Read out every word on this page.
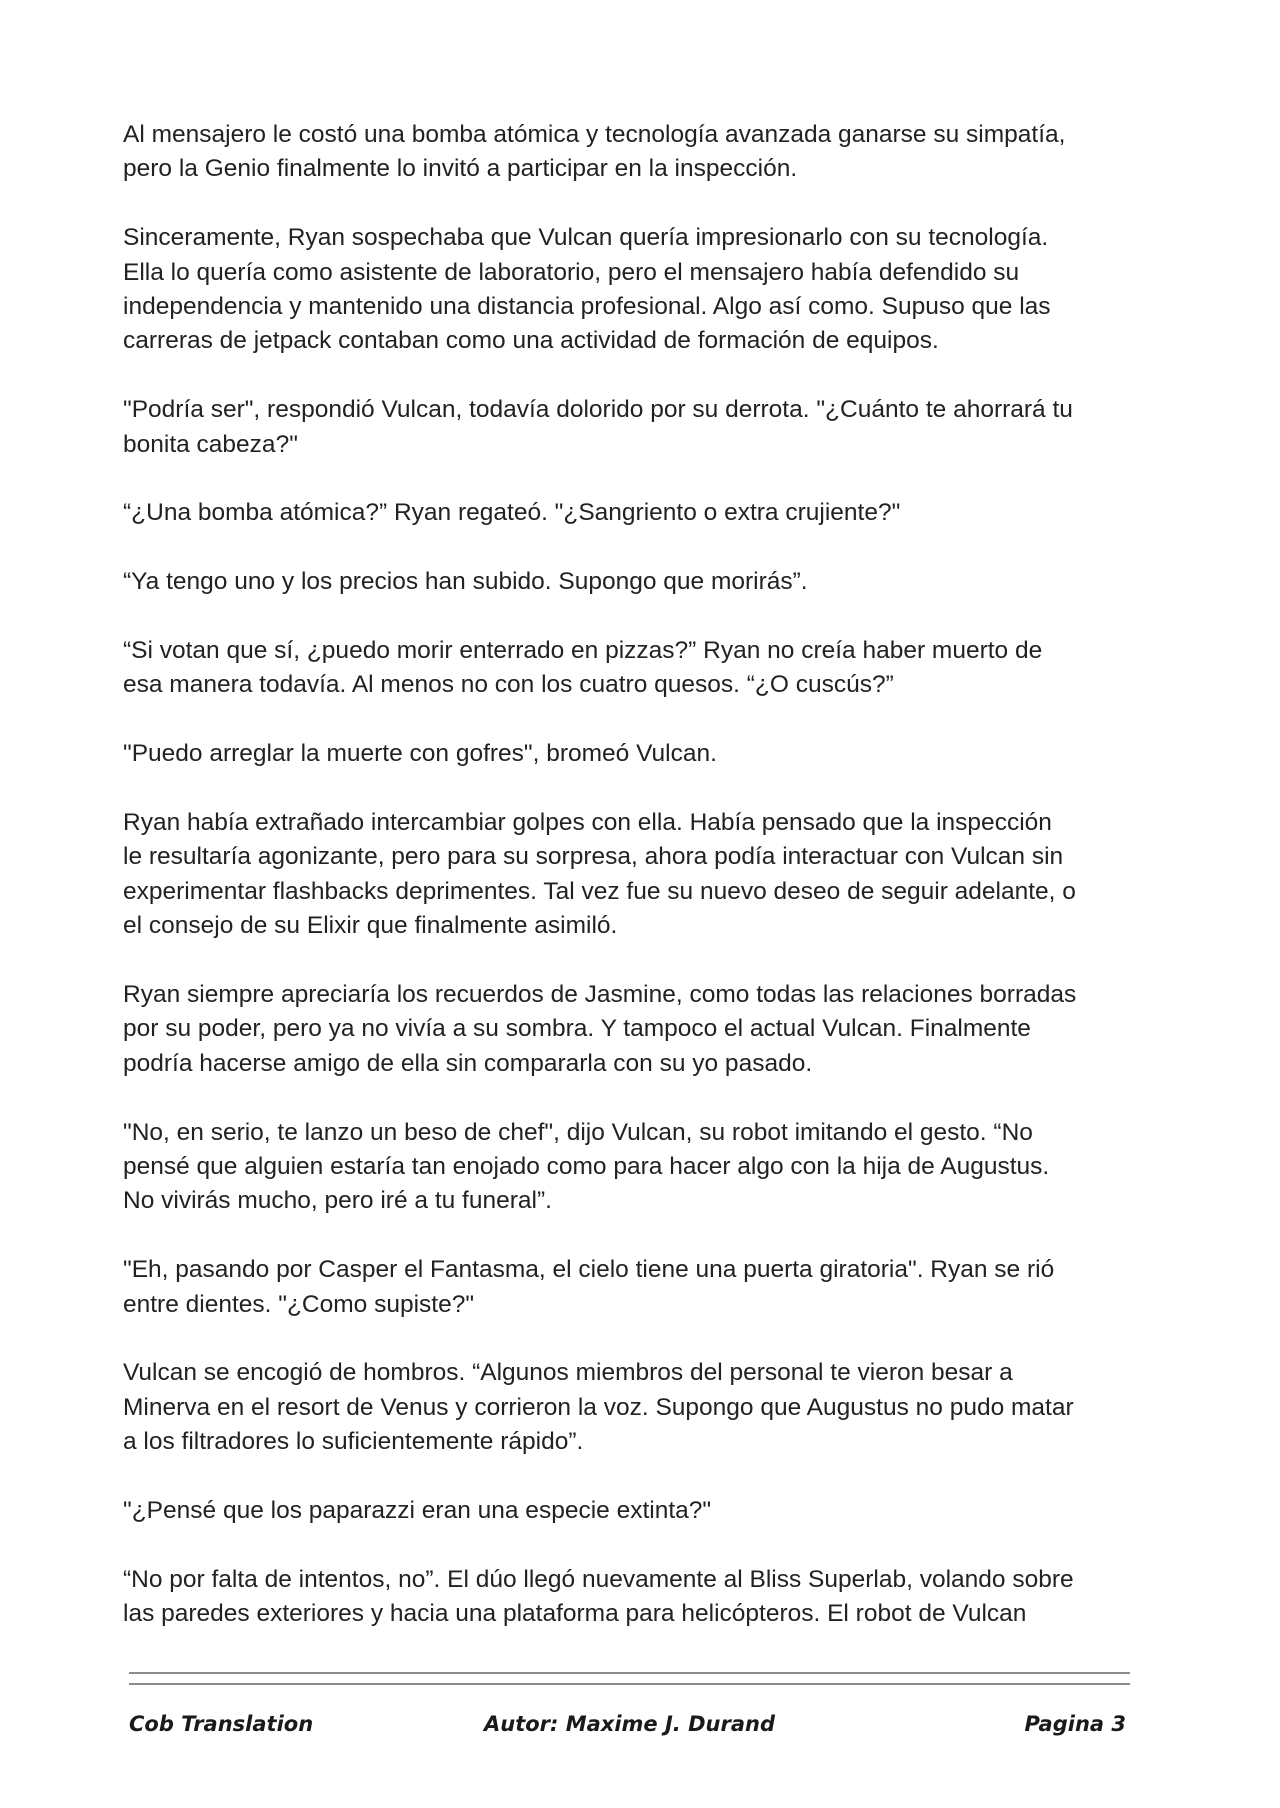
Al mensajero le costó una bomba atómica y tecnología avanzada ganarse su simpatía,
pero la Genio finalmente lo invitó a participar en la inspección.

Sinceramente, Ryan sospechaba que Vulcan quería impresionarlo con su tecnología.
Ella lo quería como asistente de laboratorio, pero el mensajero había defendido su
independencia y mantenido una distancia profesional. Algo así como. Supuso que las
carreras de jetpack contaban como una actividad de formación de equipos.

"Podría ser", respondió Vulcan, todavía dolorido por su derrota. "¿Cuánto te ahorrará tu
bonita cabeza?"

“¿Una bomba atómica?” Ryan regateó. "¿Sangriento o extra crujiente?"

“Ya tengo uno y los precios han subido. Supongo que morirás”.

“Si votan que sí, ¿puedo morir enterrado en pizzas?” Ryan no creía haber muerto de
esa manera todavía. Al menos no con los cuatro quesos. “¿O cuscús?”

"Puedo arreglar la muerte con gofres", bromeó Vulcan.

Ryan había extrañado intercambiar golpes con ella. Había pensado que la inspección
le resultaría agonizante, pero para su sorpresa, ahora podía interactuar con Vulcan sin
experimentar flashbacks deprimentes. Tal vez fue su nuevo deseo de seguir adelante, o
el consejo de su Elixir que finalmente asimiló.

Ryan siempre apreciaría los recuerdos de Jasmine, como todas las relaciones borradas
por su poder, pero ya no vivía a su sombra. Y tampoco el actual Vulcan. Finalmente
podría hacerse amigo de ella sin compararla con su yo pasado.

"No, en serio, te lanzo un beso de chef", dijo Vulcan, su robot imitando el gesto. “No
pensé que alguien estaría tan enojado como para hacer algo con la hija de Augustus.
No vivirás mucho, pero iré a tu funeral”.

"Eh, pasando por Casper el Fantasma, el cielo tiene una puerta giratoria". Ryan se rió
entre dientes. "¿Como supiste?"

Vulcan se encogió de hombros. “Algunos miembros del personal te vieron besar a
Minerva en el resort de Venus y corrieron la voz. Supongo que Augustus no pudo matar
a los filtradores lo suficientemente rápido”.

"¿Pensé que los paparazzi eran una especie extinta?"

“No por falta de intentos, no”. El dúo llegó nuevamente al Bliss Superlab, volando sobre
las paredes exteriores y hacia una plataforma para helicópteros. El robot de Vulcan

Cob Translation	Autor: Maxime J. Durand	Pagina 3
